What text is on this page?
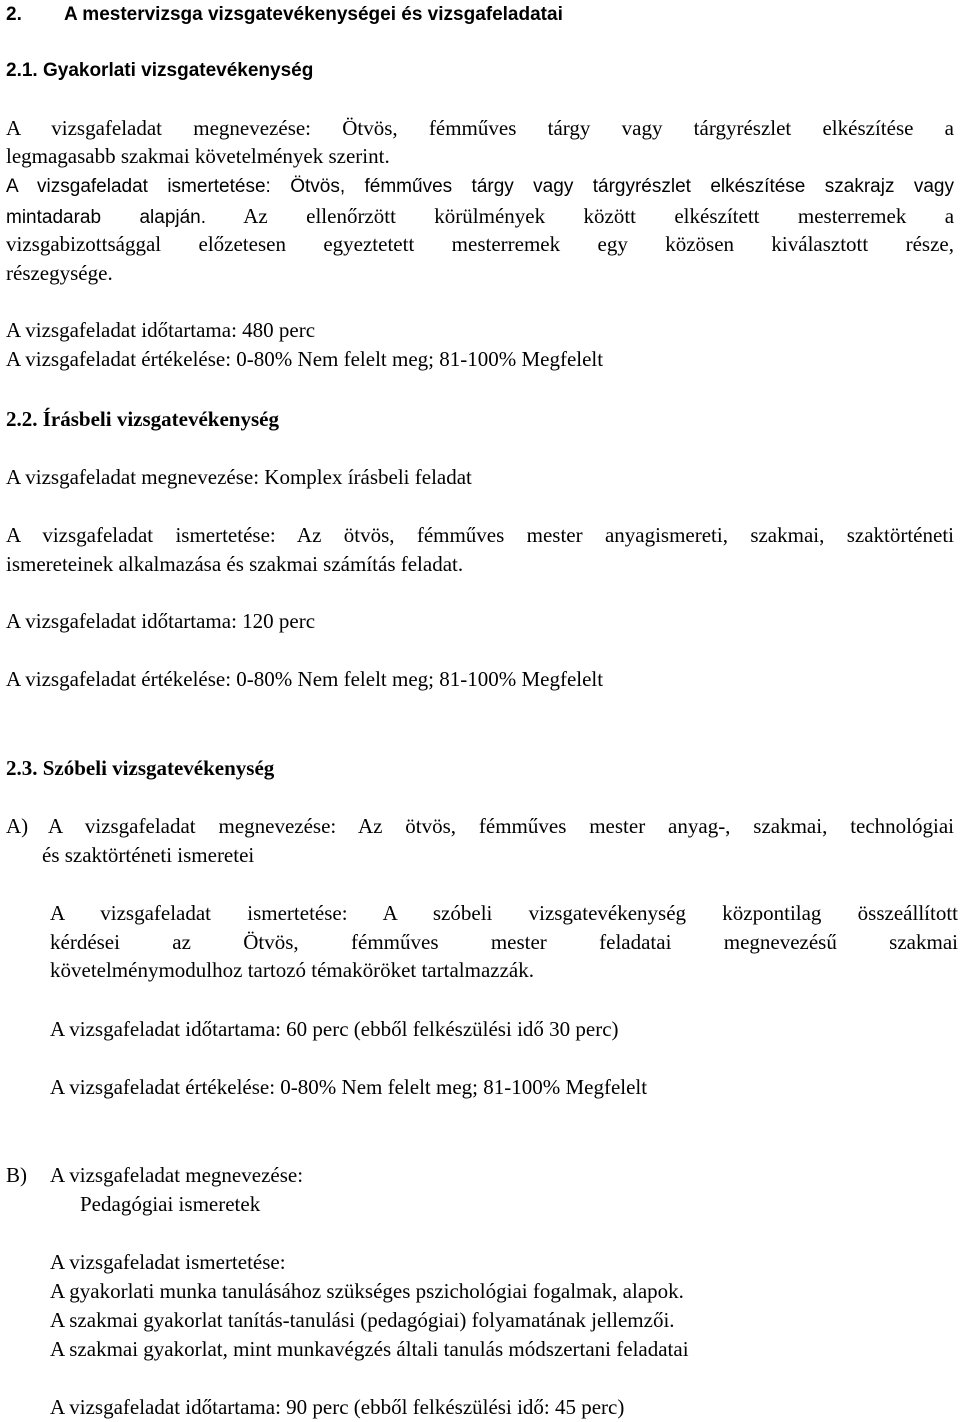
2. A mestervizsga vizsgatevékenységei és vizsgafeladatai
2.1. Gyakorlati vizsgatevékenység
A vizsgafeladat megnevezése: Ötvös, fémműves tárgy vagy tárgyrészlet elkészítése a
legmagasabb szakmai követelmények szerint.
A vizsgafeladat ismertetése: Ötvös, fémműves tárgy vagy tárgyrészlet elkészítése szakrajz vagy
mintadarab alapján. Az ellenőrzött körülmények között elkészített mesterremek a
vizsgabizottsággal előzetesen egyeztetett mesterremek egy közösen kiválasztott része,
részegysége.
A vizsgafeladat időtartama: 480 perc
A vizsgafeladat értékelése: 0-80% Nem felelt meg; 81-100% Megfelelt
2.2. Írásbeli vizsgatevékenység
A vizsgafeladat megnevezése: Komplex írásbeli feladat
A vizsgafeladat ismertetése: Az ötvös, fémműves mester anyagismereti, szakmai, szaktörténeti
ismereteinek alkalmazása és szakmai számítás feladat.
A vizsgafeladat időtartama: 120 perc
A vizsgafeladat értékelése: 0-80% Nem felelt meg; 81-100% Megfelelt
2.3. Szóbeli vizsgatevékenység
A) A vizsgafeladat megnevezése: Az ötvös, fémműves mester anyag-, szakmai, technológiai
és szaktörténeti ismeretei
A vizsgafeladat ismertetése: A szóbeli vizsgatevékenység központilag összeállított
kérdései az Ötvös, fémműves mester feladatai megnevezésű szakmai
követelménymodulhoz tartozó témaköröket tartalmazzák.
A vizsgafeladat időtartama: 60 perc (ebből felkészülési idő 30 perc)
A vizsgafeladat értékelése: 0-80% Nem felelt meg; 81-100% Megfelelt
B) A vizsgafeladat megnevezése:
Pedagógiai ismeretek
A vizsgafeladat ismertetése:
A gyakorlati munka tanulásához szükséges pszichológiai fogalmak, alapok.
A szakmai gyakorlat tanítás-tanulási (pedagógiai) folyamatának jellemzői.
A szakmai gyakorlat, mint munkavégzés általi tanulás módszertani feladatai
A vizsgafeladat időtartama: 90 perc (ebből felkészülési idő: 45 perc)
